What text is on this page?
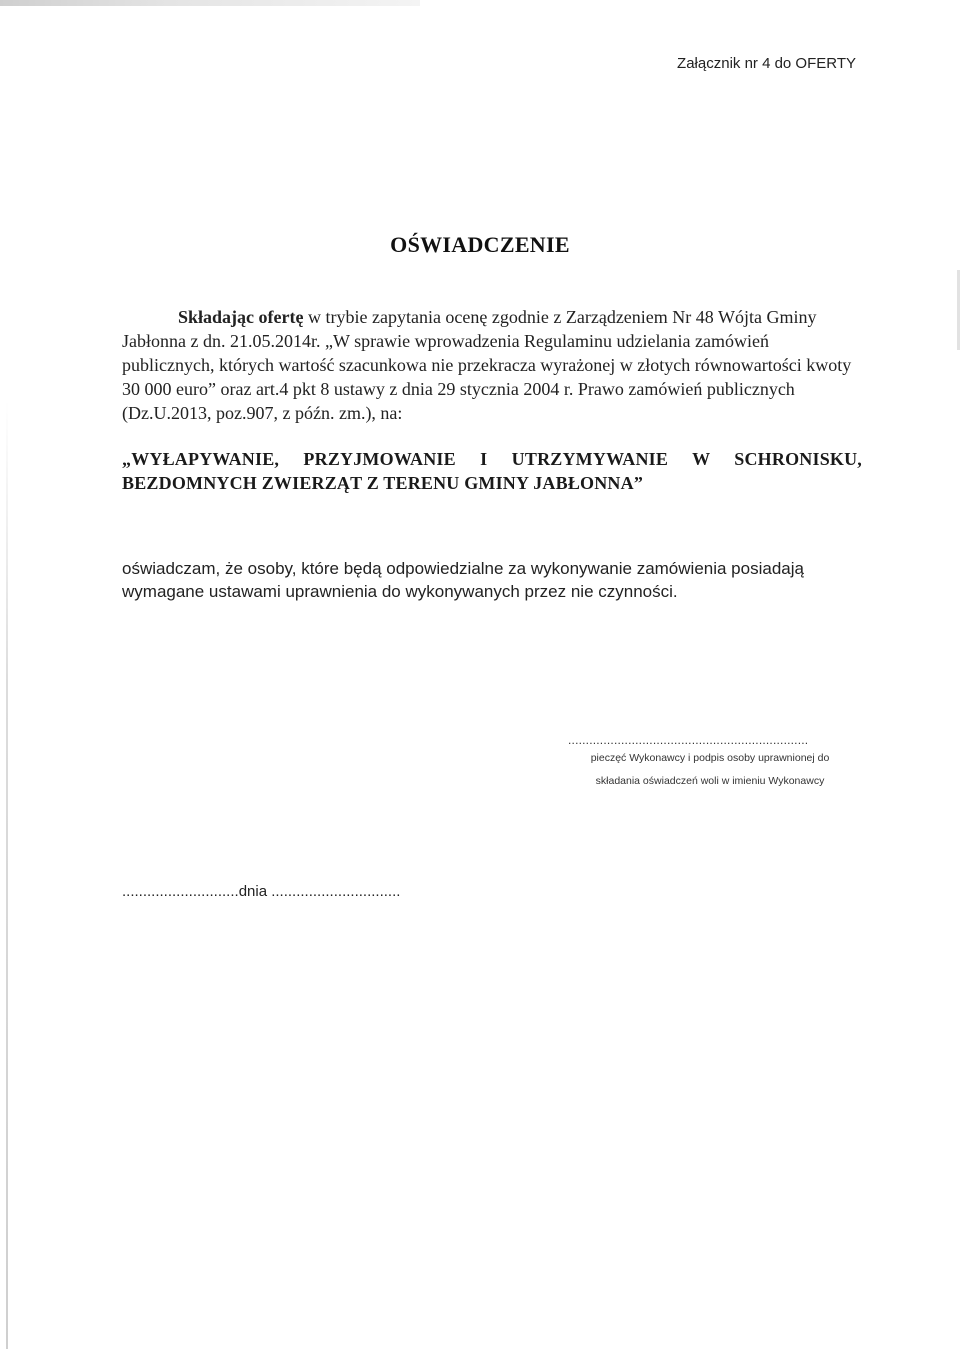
Załącznik nr 4 do OFERTY
OŚWIADCZENIE
Składając ofertę w trybie zapytania ocenę zgodnie z Zarządzeniem Nr 48 Wójta Gminy Jabłonna z dn. 21.05.2014r. „W sprawie wprowadzenia Regulaminu udzielania zamówień publicznych, których wartość szacunkowa nie przekracza wyrażonej w złotych równowartości kwoty 30 000 euro” oraz art.4 pkt 8 ustawy z dnia 29 stycznia 2004 r. Prawo zamówień publicznych (Dz.U.2013, poz.907, z późn. zm.), na:
„WYŁAPYWANIE, PRZYJMOWANIE I UTRZYMYWANIE W SCHRONISKU, BEZDOMNYCH ZWIERZĄT Z TERENU GMINY JABŁONNA”
oświadczam, że osoby, które będą odpowiedzialne za wykonywanie zamówienia posiadają wymagane ustawami uprawnienia do wykonywanych przez nie czynności.
....................................................................
pieczęć Wykonawcy i podpis osoby uprawnionej do
składania oświadczeń woli w imieniu Wykonawcy
............................dnia ...............................
